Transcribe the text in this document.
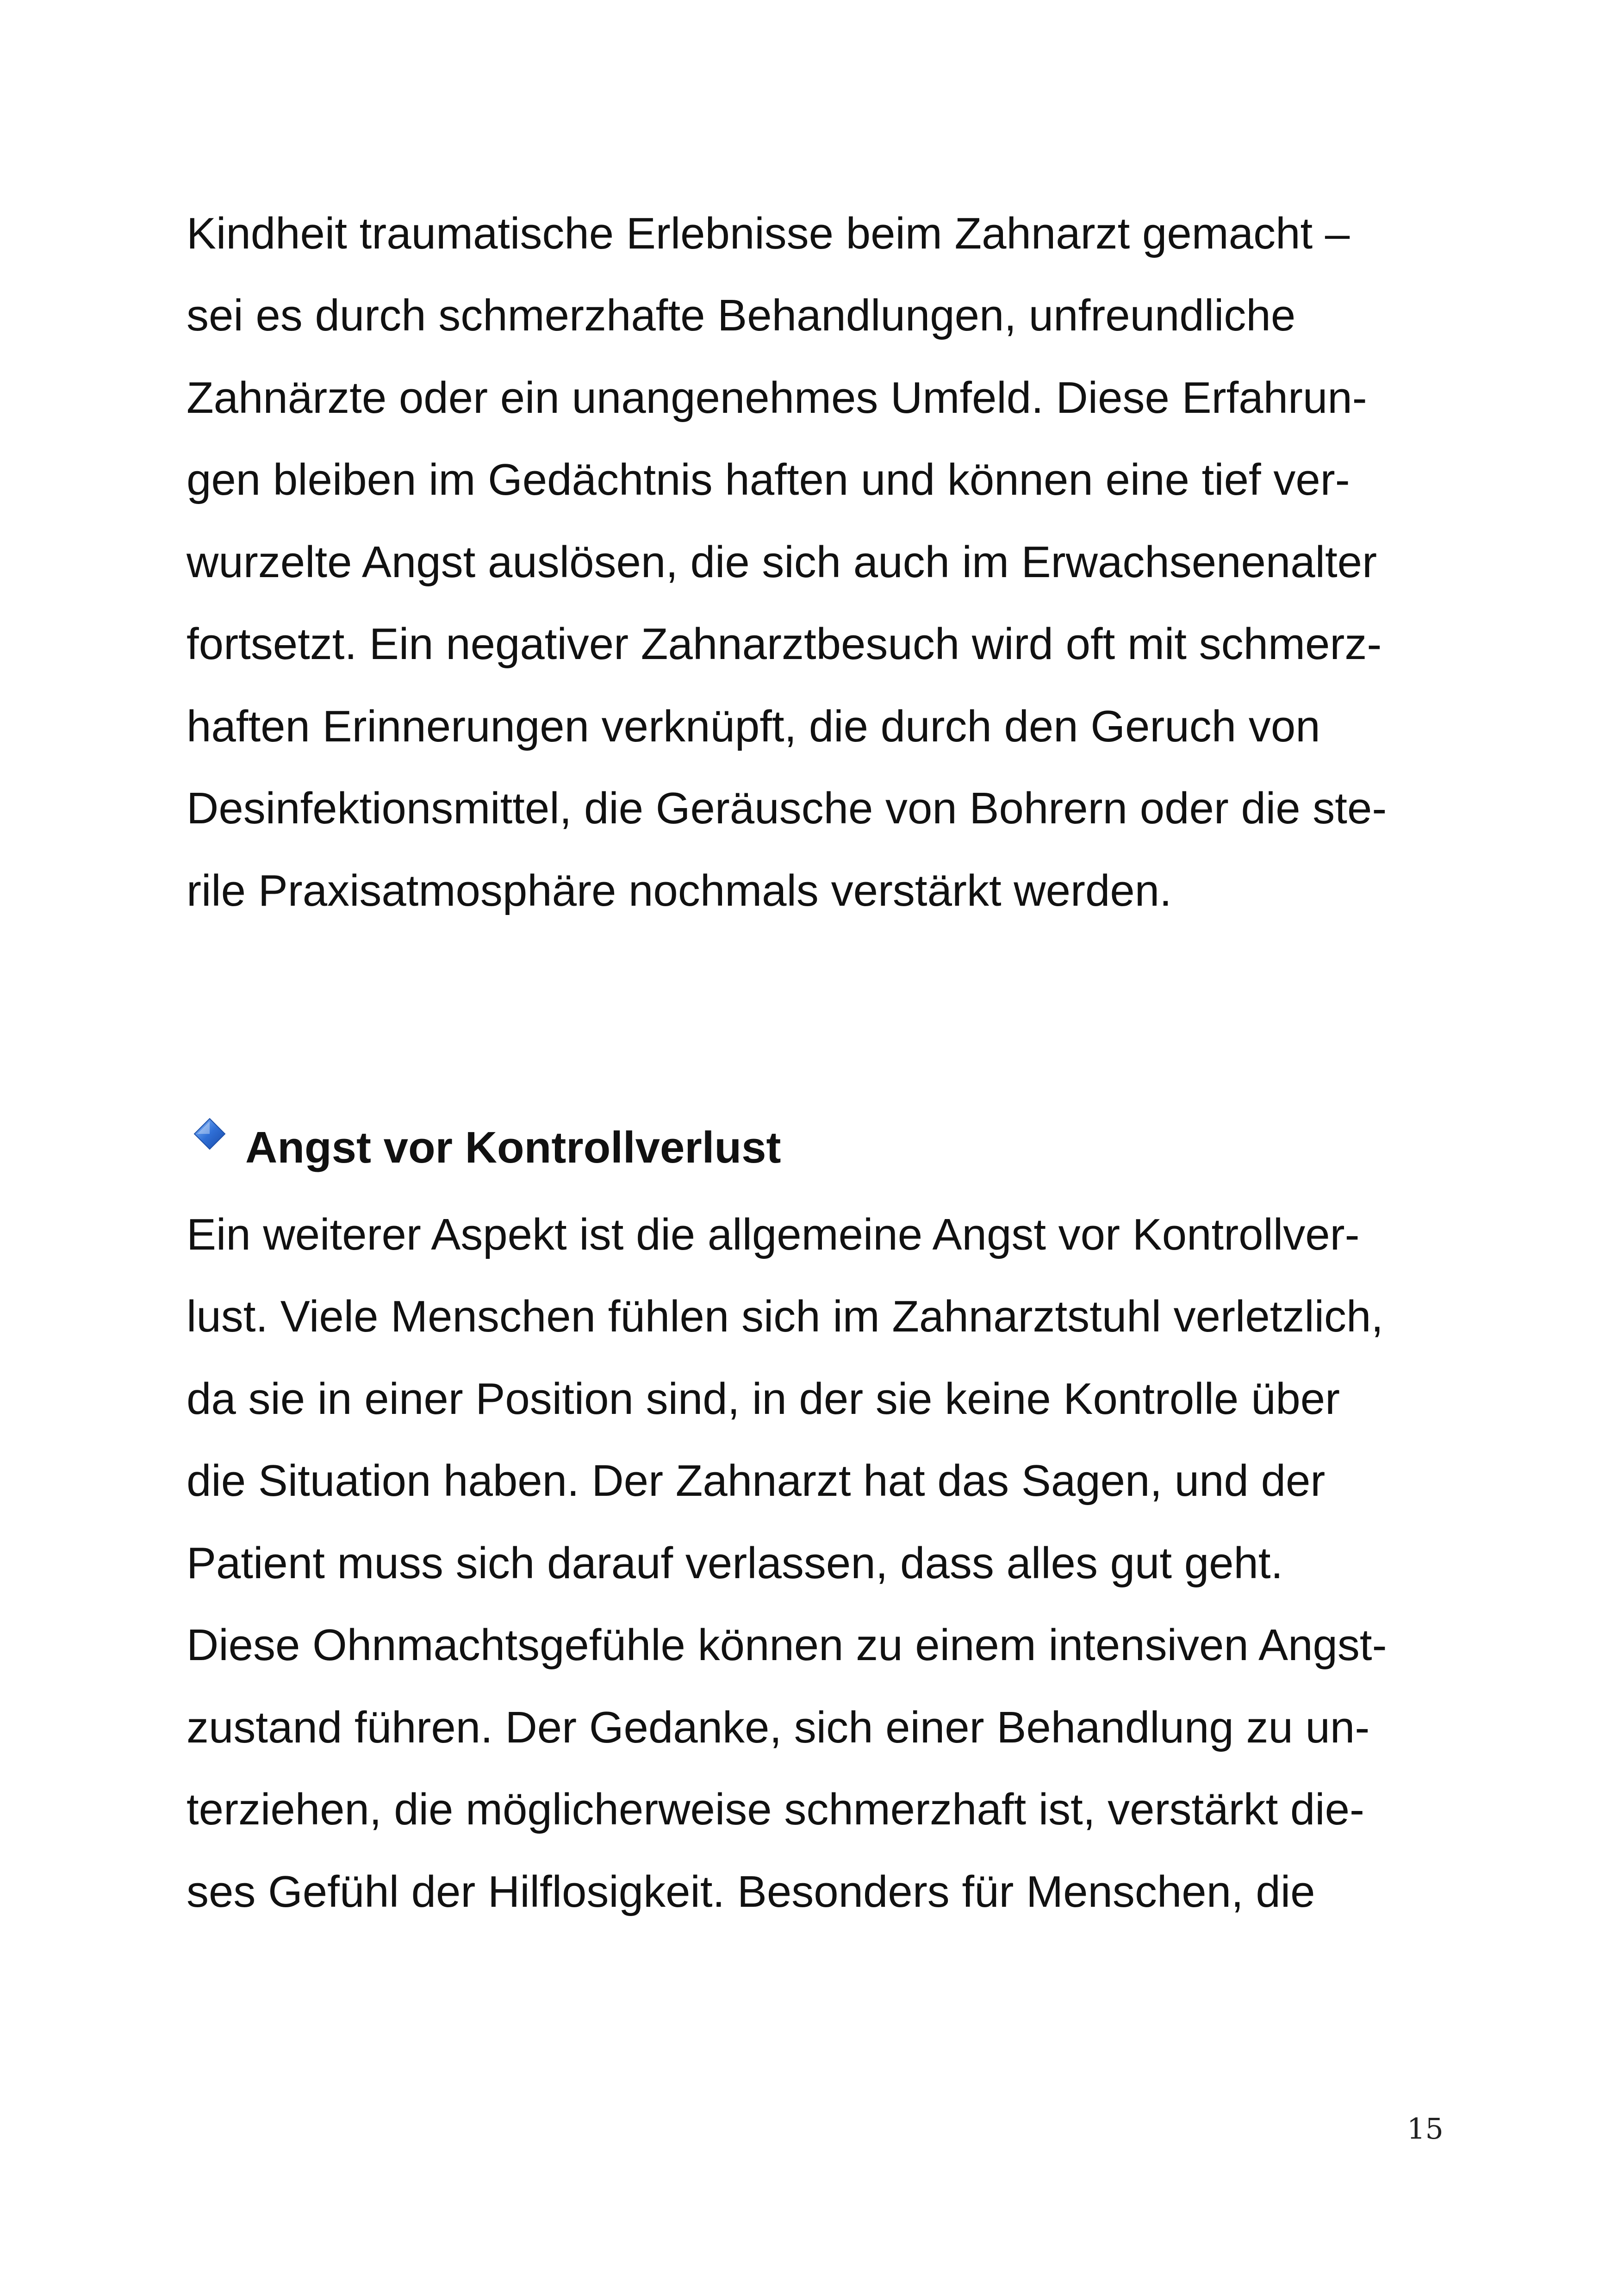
Kindheit traumatische Erlebnisse beim Zahnarzt gemacht –
sei es durch schmerzhafte Behandlungen, unfreundliche
Zahnärzte oder ein unangenehmes Umfeld. Diese Erfahrun-
gen bleiben im Gedächtnis haften und können eine tief ver-
wurzelte Angst auslösen, die sich auch im Erwachsenenalter
fortsetzt. Ein negativer Zahnarztbesuch wird oft mit schmerz-
haften Erinnerungen verknüpft, die durch den Geruch von
Desinfektionsmittel, die Geräusche von Bohrern oder die ste-
rile Praxisatmosphäre nochmals verstärkt werden.
Angst vor Kontrollverlust
Ein weiterer Aspekt ist die allgemeine Angst vor Kontrollver-
lust. Viele Menschen fühlen sich im Zahnarztstuhl verletzlich,
da sie in einer Position sind, in der sie keine Kontrolle über
die Situation haben. Der Zahnarzt hat das Sagen, und der
Patient muss sich darauf verlassen, dass alles gut geht.
Diese Ohnmachtsgefühle können zu einem intensiven Angst-
zustand führen. Der Gedanke, sich einer Behandlung zu un-
terziehen, die möglicherweise schmerzhaft ist, verstärkt die-
ses Gefühl der Hilflosigkeit. Besonders für Menschen, die
15
